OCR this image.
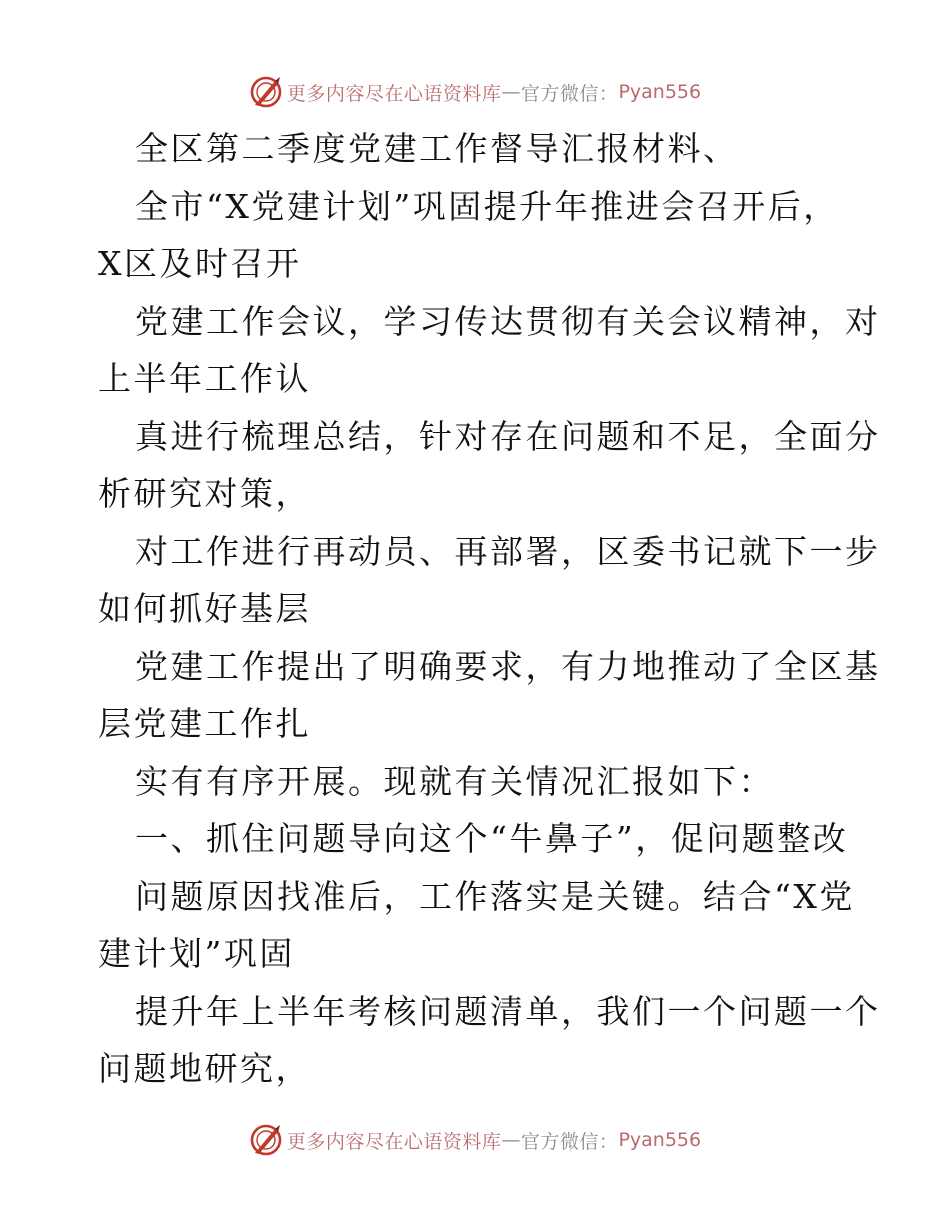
更多内容尽在心语资料库 — 官方微信： Pyan556
全区第二季度党建工作督导汇报材料、
全市“X党建计划”巩固提升年推进会召开后，
X区及时召开
党建工作会议，学习传达贯彻有关会议精神，对
上半年工作认
真进行梳理总结，针对存在问题和不足，全面分
析研究对策，
对工作进行再动员、再部署，区委书记就下一步
如何抓好基层
党建工作提出了明确要求，有力地推动了全区基
层党建工作扎
实有有序开展。现就有关情况汇报如下：
一、抓住问题导向这个“牛鼻子”，促问题整改
问题原因找准后，工作落实是关键。结合“X党
建计划”巩固
提升年上半年考核问题清单，我们一个问题一个
问题地研究，
更多内容尽在心语资料库 — 官方微信： Pyan556
